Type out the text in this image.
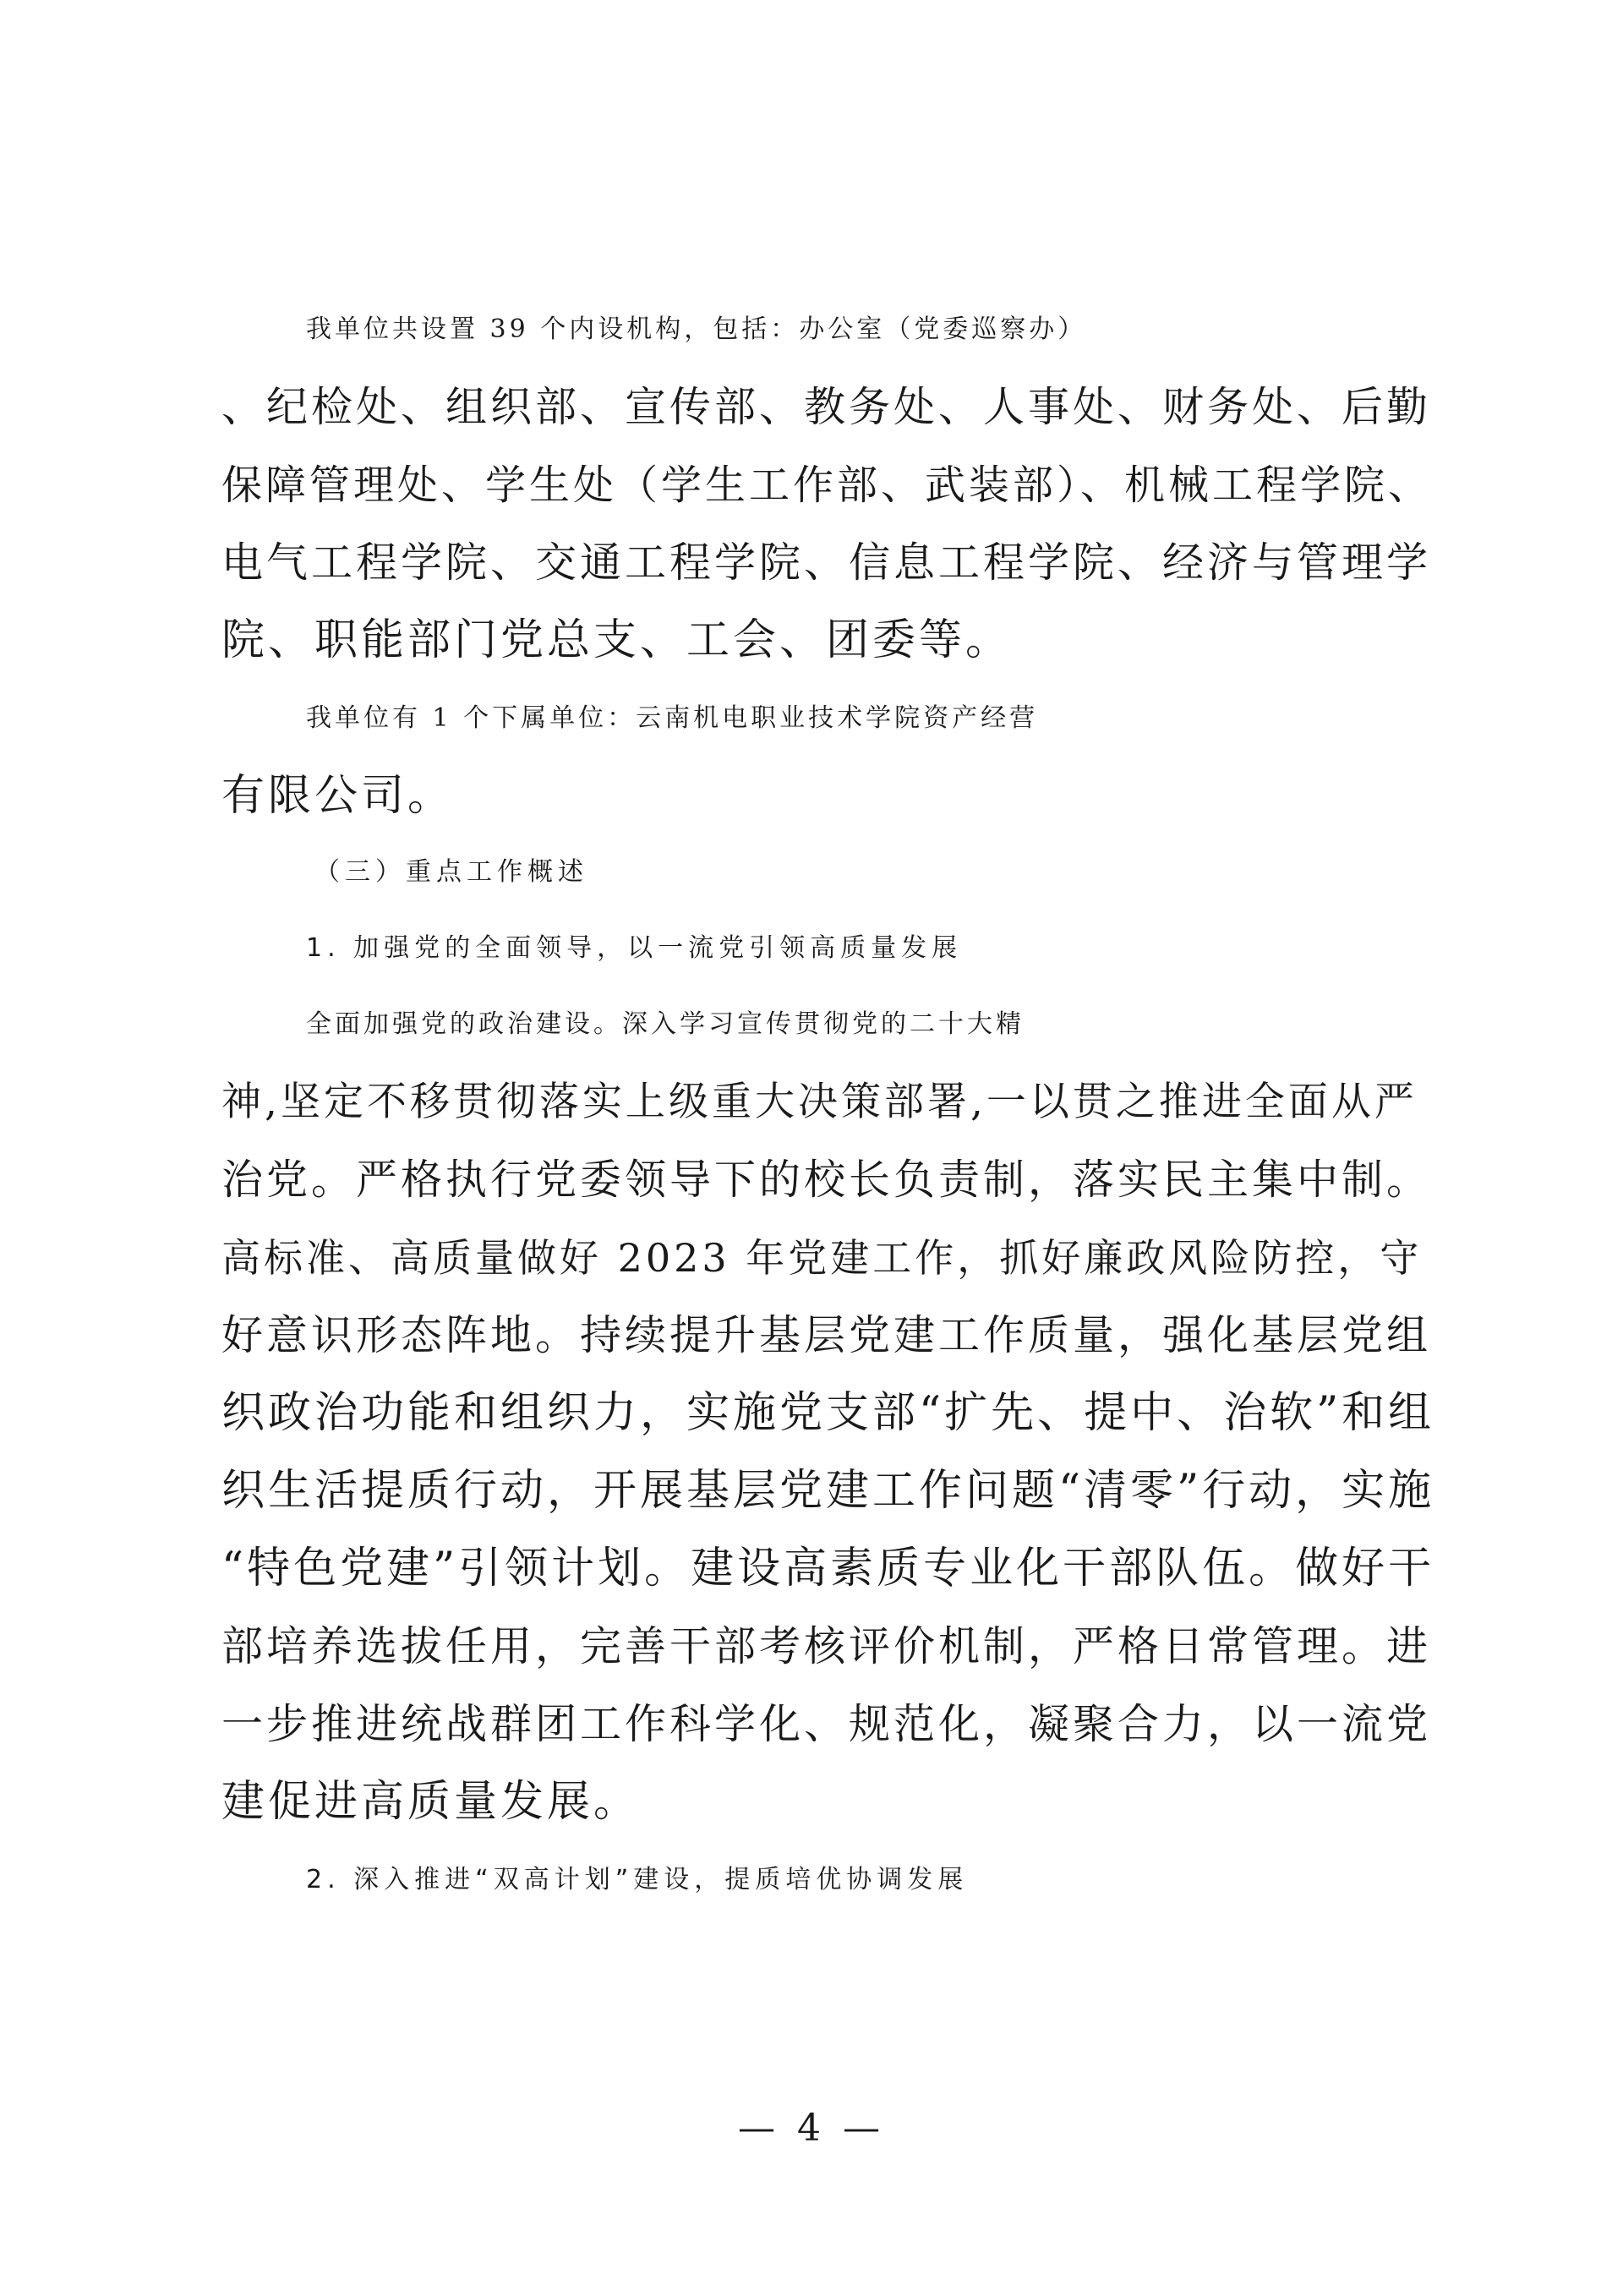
我单位共设置 39 个内设机构，包括：办公室（党委巡察办）
、纪检处、组织部、宣传部、教务处、人事处、财务处、后勤
保障管理处、学生处（学生工作部、武装部）、机械工程学院、
电气工程学院、交通工程学院、信息工程学院、经济与管理学
院、职能部门党总支、工会、团委等。
我单位有 1 个下属单位：云南机电职业技术学院资产经营
有限公司。
（三）重点工作概述
1. 加强党的全面领导，以一流党引领高质量发展
全面加强党的政治建设。深入学习宣传贯彻党的二十大精
神,坚定不移贯彻落实上级重大决策部署,一以贯之推进全面从严
治党。严格执行党委领导下的校长负责制，落实民主集中制。
高标准、高质量做好 2023 年党建工作，抓好廉政风险防控，守
好意识形态阵地。持续提升基层党建工作质量，强化基层党组
织政治功能和组织力，实施党支部“扩先、提中、治软”和组
织生活提质行动，开展基层党建工作问题“清零”行动，实施
“特色党建”引领计划。建设高素质专业化干部队伍。做好干
部培养选拔任用，完善干部考核评价机制，严格日常管理。进
一步推进统战群团工作科学化、规范化，凝聚合力，以一流党
建促进高质量发展。
2. 深入推进“双高计划”建设，提质培优协调发展
— 4 —
